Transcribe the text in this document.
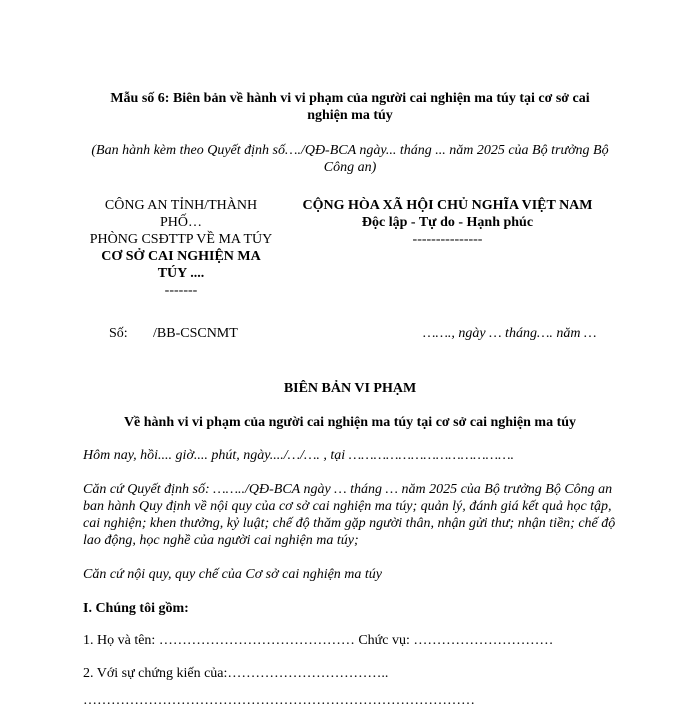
Mẫu số 6: Biên bản về hành vi vi phạm của người cai nghiện ma túy tại cơ sở cai nghiện ma túy
(Ban hành kèm theo Quyết định số…./QĐ-BCA ngày... tháng ... năm 2025 của Bộ trưởng Bộ Công an)
CÔNG AN TỈNH/THÀNH PHỐ…
PHÒNG CSĐTTP VỀ MA TÚY
CƠ SỞ CAI NGHIỆN MA TÚY ....
-------
CỘNG HÒA XÃ HỘI CHỦ NGHĨA VIỆT NAM
Độc lập - Tự do - Hạnh phúc
---------------
Số: /BB-CSCNMT	……., ngày … tháng…. năm …
BIÊN BẢN VI PHẠM
Về hành vi vi phạm của người cai nghiện ma túy tại cơ sở cai nghiện ma túy
Hôm nay, hồi.... giờ.... phút, ngày..../…/…. , tại ………………………………….
Căn cứ Quyết định số: ……../QĐ-BCA ngày … tháng … năm 2025 của Bộ trưởng Bộ Công an ban hành Quy định về nội quy của cơ sở cai nghiện ma túy; quản lý, đánh giá kết quả học tập, cai nghiện; khen thưởng, kỷ luật; chế độ thăm gặp người thân, nhận gửi thư; nhận tiền; chế độ lao động, học nghề của người cai nghiện ma túy;
Căn cứ nội quy, quy chế của Cơ sở cai nghiện ma túy
I. Chúng tôi gồm:
1. Họ và tên: …………………………………… Chức vụ: …………………………
2. Với sự chứng kiến của:……………………………..
…………………………………………………………………………
